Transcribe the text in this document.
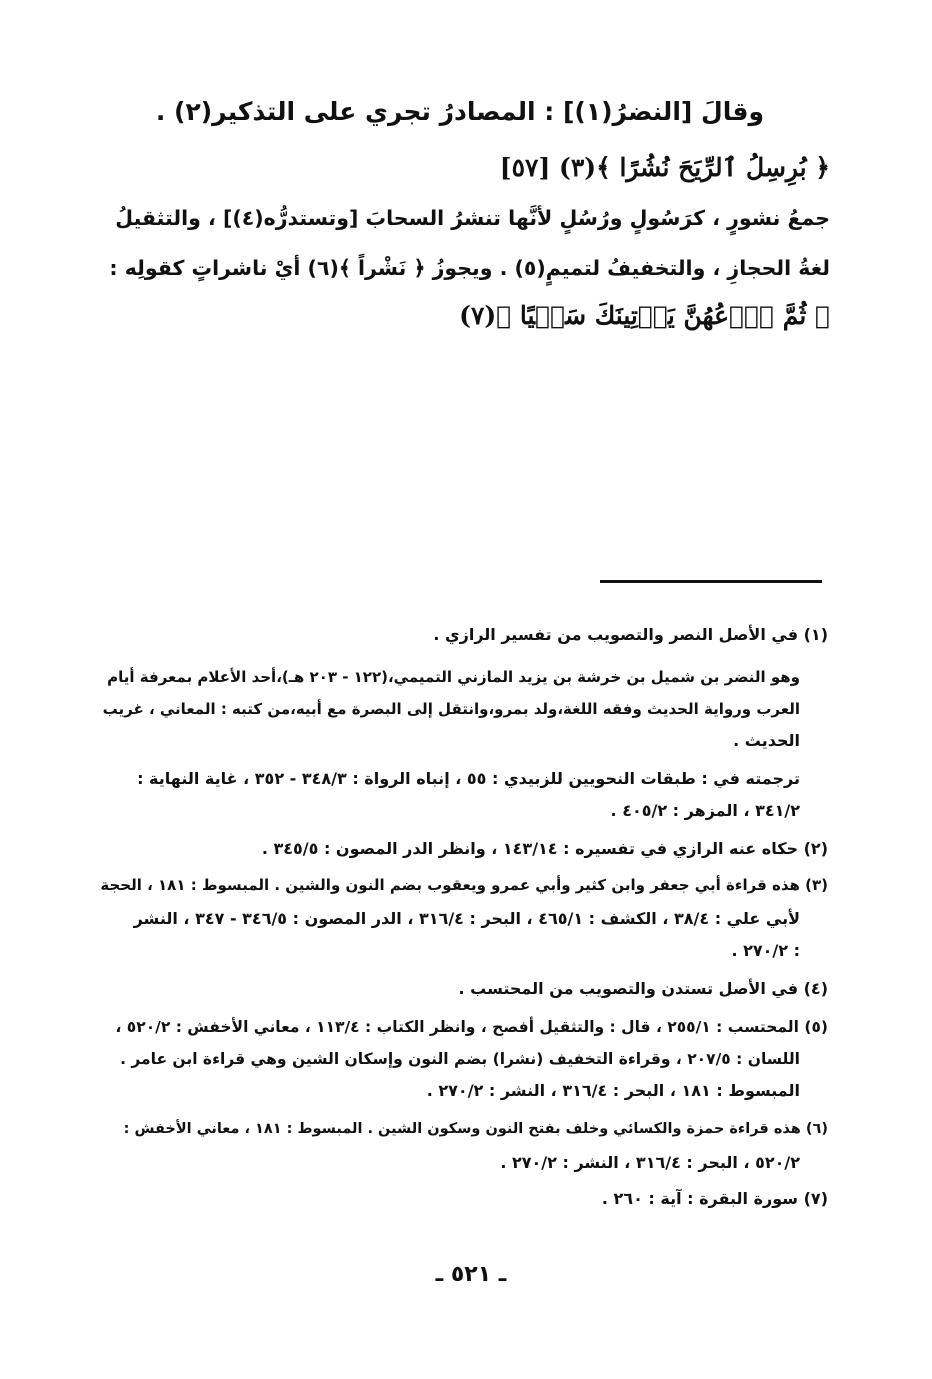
وقالَ [النضرُ(١)] : المصادرُ تجري على التذكير(٢) .

﴿ بُرِسِلُ ٱلرِّيَحَ نُشُرًا ﴾(٣) [٥٧]

جمعُ نشورٍ ، كرَسُولٍ ورُسُلٍ لأنَّها تنشرُ السحابَ [وتستدرُّه(٤)] ، والتثقيلُ

لغةُ الحجازِ ، والتخفيفُ لتميمٍ(٥) . ويجوزُ ﴿ نَشْراً ﴾(٦) أيْ ناشراتٍ كقولِه :

﴿ ثُمَّ ٱدۡعُهُنَّ يَأۡتِينَكَ سَعۡيًا ﴾(٧)

(١) في الأصل النصر والتصويب من تفسير الرازي .

وهو النضر بن شميل بن خرشة بن يزيد المازني التميمي،(١٢٢ - ٢٠٣ هـ)،أحد الأعلام بمعرفة أيام

العرب ورواية الحديث وفقه اللغة،ولد بمرو،وانتقل إلى البصرة مع أبيه،من كتبه : المعاني ، غريب

الحديث .

ترجمته في : طبقات النحويين للزبيدي : ٥٥ ، إنباه الرواة : ٣٤٨/٣ - ٣٥٢ ، غاية النهاية :

٣٤١/٢ ، المزهر : ٤٠٥/٢ .

(٢) حكاه عنه الرازي في تفسيره : ١٤٣/١٤ ، وانظر الدر المصون : ٣٤٥/٥ .

(٣) هذه قراءة أبي جعفر وابن كثير وأبي عمرو ويعقوب بضم النون والشين . المبسوط : ١٨١ ، الحجة

لأبي علي : ٣٨/٤ ، الكشف : ٤٦٥/١ ، البحر : ٣١٦/٤ ، الدر المصون : ٣٤٦/٥ - ٣٤٧ ، النشر

: ٢٧٠/٢ .

(٤) في الأصل تستدن والتصويب من المحتسب .

(٥) المحتسب : ٢٥٥/١ ، قال : والتثقيل أفصح ، وانظر الكتاب : ١١٣/٤ ، معاني الأخفش : ٥٢٠/٢ ،

اللسان : ٢٠٧/٥ ، وقراءة التخفيف (نشرا) بضم النون وإسكان الشين وهي قراءة ابن عامر .

المبسوط : ١٨١ ، البحر : ٣١٦/٤ ، النشر : ٢٧٠/٢ .

(٦) هذه قراءة حمزة والكسائي وخلف بفتح النون وسكون الشين . المبسوط : ١٨١ ، معاني الأخفش :

٥٢٠/٢ ، البحر : ٣١٦/٤ ، النشر : ٢٧٠/٢ .

(٧) سورة البقرة : آية : ٢٦٠ .

ـ ٥٢١ ـ
